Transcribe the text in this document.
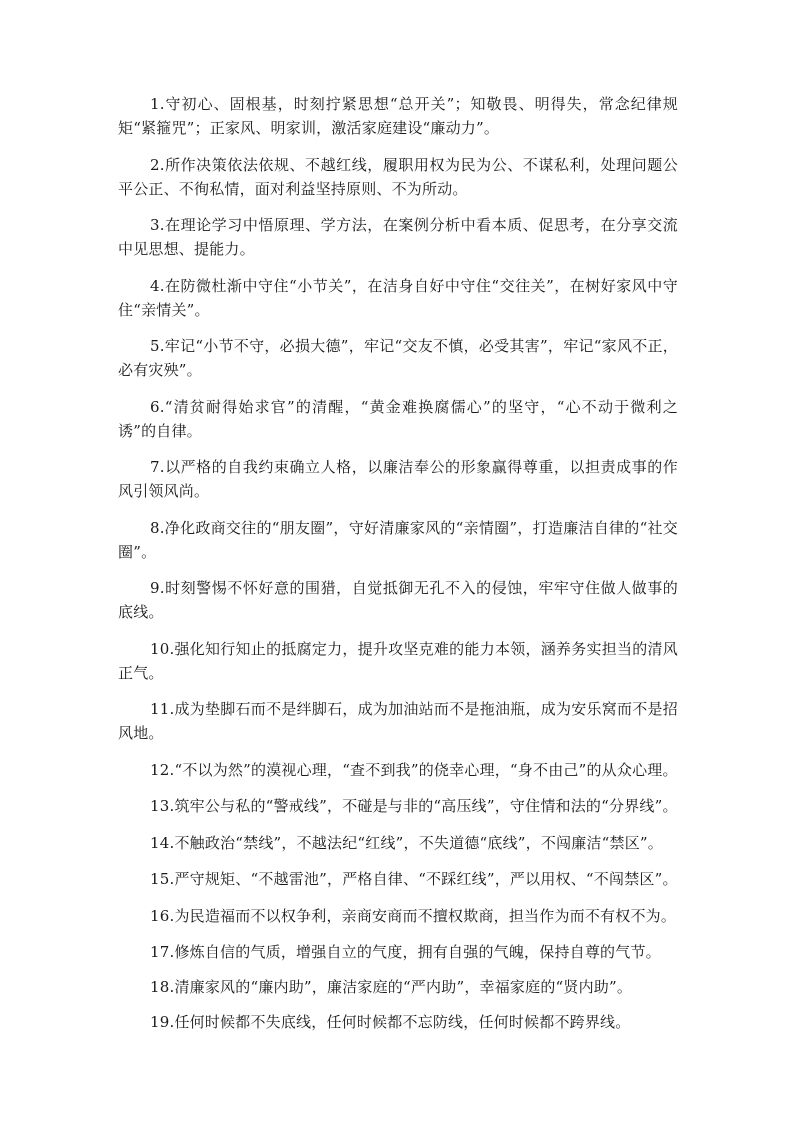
1.守初心、固根基，时刻拧紧思想“总开关”；知敬畏、明得失，常念纪律规矩“紧箍咒”；正家风、明家训，激活家庭建设“廉动力”。

2.所作决策依法依规、不越红线，履职用权为民为公、不谋私利，处理问题公平公正、不徇私情，面对利益坚持原则、不为所动。

3.在理论学习中悟原理、学方法，在案例分析中看本质、促思考，在分享交流中见思想、提能力。

4.在防微杜渐中守住“小节关”，在洁身自好中守住“交往关”，在树好家风中守住“亲情关”。

5.牢记“小节不守，必损大德”，牢记“交友不慎，必受其害”，牢记“家风不正，必有灾殃”。

6.“清贫耐得始求官”的清醒，“黄金难换腐儒心”的坚守，“心不动于微利之诱”的自律。

7.以严格的自我约束确立人格，以廉洁奉公的形象赢得尊重，以担责成事的作风引领风尚。

8.净化政商交往的“朋友圈”，守好清廉家风的“亲情圈”，打造廉洁自律的“社交圈”。

9.时刻警惕不怀好意的围猎，自觉抵御无孔不入的侵蚀，牢牢守住做人做事的底线。

10.强化知行知止的抵腐定力，提升攻坚克难的能力本领，涵养务实担当的清风正气。

11.成为垫脚石而不是绊脚石，成为加油站而不是拖油瓶，成为安乐窝而不是招风地。

12.“不以为然”的漠视心理，“查不到我”的侥幸心理，“身不由己”的从众心理。

13.筑牢公与私的“警戒线”，不碰是与非的“高压线”，守住情和法的“分界线”。

14.不触政治“禁线”，不越法纪“红线”，不失道德“底线”，不闯廉洁“禁区”。

15.严守规矩、“不越雷池”，严格自律、“不踩红线”，严以用权、“不闯禁区”。

16.为民造福而不以权争利，亲商安商而不擅权欺商，担当作为而不有权不为。

17.修炼自信的气质，增强自立的气度，拥有自强的气魄，保持自尊的气节。

18.清廉家风的“廉内助”，廉洁家庭的“严内助”，幸福家庭的“贤内助”。

19.任何时候都不失底线，任何时候都不忘防线，任何时候都不跨界线。
